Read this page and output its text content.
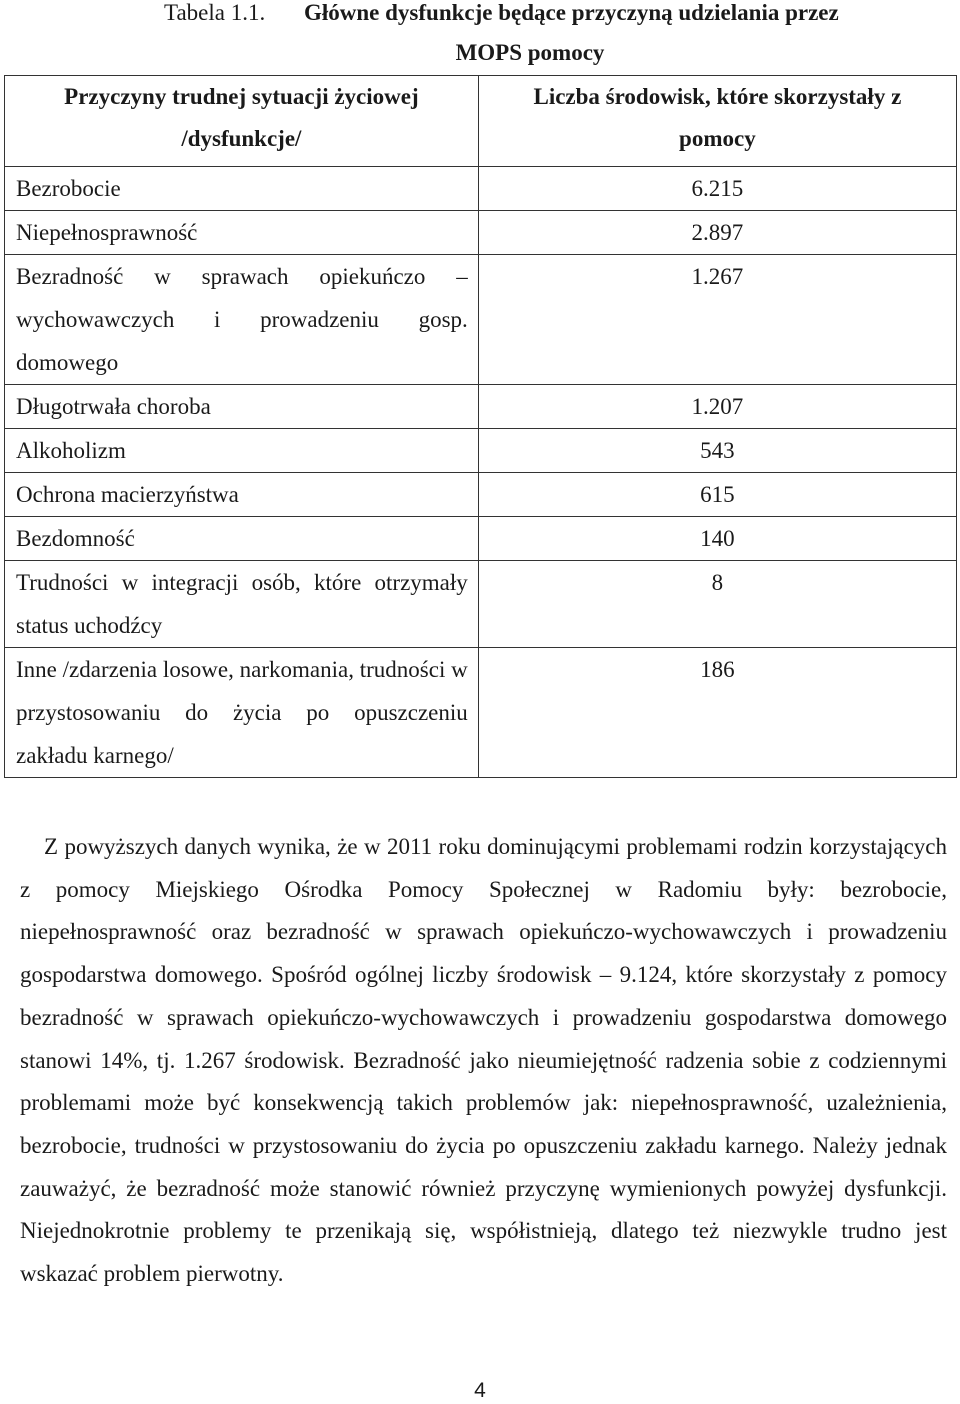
Tabela 1.1. Główne dysfunkcje będące przyczyną udzielania przez
MOPS pomocy
Przyczyny trudnej sytuacji życiowej /dysfunkcje/	Liczba środowisk, które skorzystały z pomocy

Bezrobocie	6.215

Niepełnosprawność	2.897

Bezradność w sprawach opiekuńczo – wychowawczych i prowadzeniu gosp. domowego	1.267

Długotrwała choroba	1.207

Alkoholizm	543

Ochrona macierzyństwa	615

Bezdomność	140

Trudności w integracji osób, które otrzymały status uchodźcy	8

Inne /zdarzenia losowe, narkomania, trudności w przystosowaniu do życia po opuszczeniu zakładu karnego/	186

Z powyższych danych wynika, że w 2011 roku dominującymi problemami rodzin korzystających z pomocy Miejskiego Ośrodka Pomocy Społecznej w Radomiu były: bezrobocie, niepełnosprawność oraz bezradność w sprawach opiekuńczo-wychowawczych i prowadzeniu gospodarstwa domowego. Spośród ogólnej liczby środowisk – 9.124, które skorzystały z pomocy bezradność w sprawach opiekuńczo-wychowawczych i prowadzeniu gospodarstwa domowego stanowi 14%, tj. 1.267 środowisk. Bezradność jako nieumiejętność radzenia sobie z codziennymi problemami może być konsekwencją takich problemów jak: niepełnosprawność, uzależnienia, bezrobocie, trudności w przystosowaniu do życia po opuszczeniu zakładu karnego. Należy jednak zauważyć, że bezradność może stanowić również przyczynę wymienionych powyżej dysfunkcji. Niejednokrotnie problemy te przenikają się, współistnieją, dlatego też niezwykle trudno jest wskazać problem pierwotny.

4
